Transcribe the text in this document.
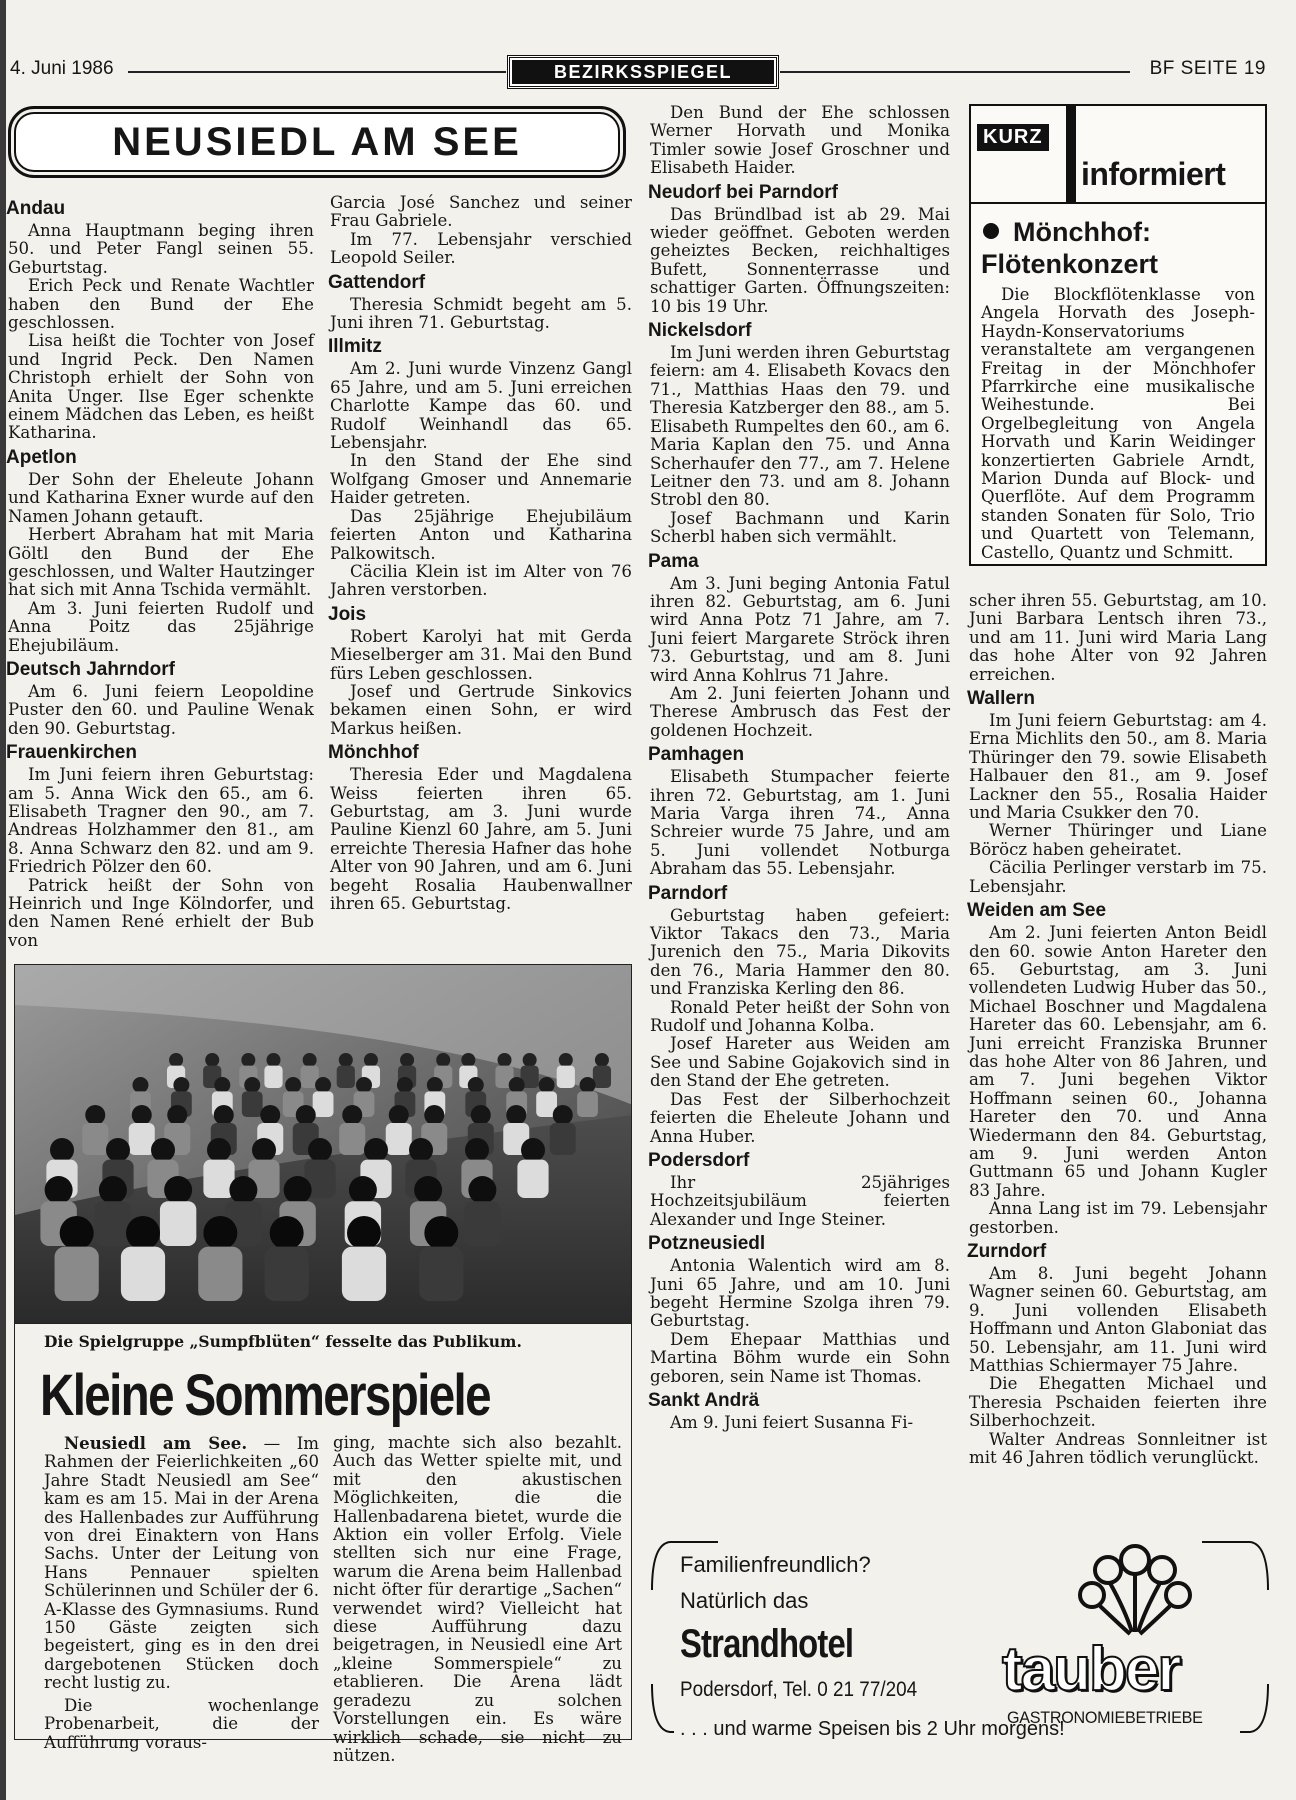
4. Juni 1986	BEZIRKSSPIEGEL	BF SEITE 19
NEUSIEDL AM SEE
Andau

Anna Hauptmann beging ihren 50. und Peter Fangl seinen 55. Geburtstag.

Erich Peck und Renate Wachtler haben den Bund der Ehe geschlossen.

Lisa heißt die Tochter von Josef und Ingrid Peck. Den Namen Christoph erhielt der Sohn von Anita Unger. Ilse Eger schenkte einem Mädchen das Leben, es heißt Katharina.

Apetlon

Der Sohn der Eheleute Johann und Katharina Exner wurde auf den Namen Johann getauft.

Herbert Abraham hat mit Maria Göltl den Bund der Ehe geschlossen, und Walter Hautzinger hat sich mit Anna Tschida vermählt.

Am 3. Juni feierten Rudolf und Anna Poitz das 25jährige Ehejubiläum.

Deutsch Jahrndorf

Am 6. Juni feiern Leopoldine Puster den 60. und Pauline Wenak den 90. Geburtstag.

Frauenkirchen

Im Juni feiern ihren Geburtstag: am 5. Anna Wick den 65., am 6. Elisabeth Tragner den 90., am 7. Andreas Holzhammer den 81., am 8. Anna Schwarz den 82. und am 9. Friedrich Pölzer den 60.

Patrick heißt der Sohn von Heinrich und Inge Kölndorfer, und den Namen René erhielt der Bub von

Garcia José Sanchez und seiner Frau Gabriele.

Im 77. Lebensjahr verschied Leopold Seiler.

Gattendorf

Theresia Schmidt begeht am 5. Juni ihren 71. Geburtstag.

Illmitz

Am 2. Juni wurde Vinzenz Gangl 65 Jahre, und am 5. Juni erreichen Charlotte Kampe das 60. und Rudolf Weinhandl das 65. Lebensjahr.

In den Stand der Ehe sind Wolfgang Gmoser und Annemarie Haider getreten.

Das 25jährige Ehejubiläum feierten Anton und Katharina Palkowitsch.

Cäcilia Klein ist im Alter von 76 Jahren verstorben.

Jois

Robert Karolyi hat mit Gerda Mieselberger am 31. Mai den Bund fürs Leben geschlossen.

Josef und Gertrude Sinkovics bekamen einen Sohn, er wird Markus heißen.

Mönchhof

Theresia Eder und Magdalena Weiss feierten ihren 65. Geburtstag, am 3. Juni wurde Pauline Kienzl 60 Jahre, am 5. Juni erreichte Theresia Hafner das hohe Alter von 90 Jahren, und am 6. Juni begeht Rosalia Haubenwallner ihren 65. Geburtstag.

Den Bund der Ehe schlossen Werner Horvath und Monika Timler sowie Josef Groschner und Elisabeth Haider.

Neudorf bei Parndorf

Das Bründlbad ist ab 29. Mai wieder geöffnet. Geboten werden geheiztes Becken, reichhaltiges Bufett, Sonnenterrasse und schattiger Garten. Öffnungszeiten: 10 bis 19 Uhr.

Nickelsdorf

Im Juni werden ihren Geburtstag feiern: am 4. Elisabeth Kovacs den 71., Matthias Haas den 79. und Theresia Katzberger den 88., am 5. Elisabeth Rumpeltes den 60., am 6. Maria Kaplan den 75. und Anna Scherhaufer den 77., am 7. Helene Leitner den 73. und am 8. Johann Strobl den 80.

Josef Bachmann und Karin Scherbl haben sich vermählt.

Pama

Am 3. Juni beging Antonia Fatul ihren 82. Geburtstag, am 6. Juni wird Anna Potz 71 Jahre, am 7. Juni feiert Margarete Ströck ihren 73. Geburtstag, und am 8. Juni wird Anna Kohlrus 71 Jahre.

Am 2. Juni feierten Johann und Therese Ambrusch das Fest der goldenen Hochzeit.

Pamhagen

Elisabeth Stumpacher feierte ihren 72. Geburtstag, am 1. Juni Maria Varga ihren 74., Anna Schreier wurde 75 Jahre, und am 5. Juni vollendet Notburga Abraham das 55. Lebensjahr.

Parndorf

Geburtstag haben gefeiert: Viktor Takacs den 73., Maria Jurenich den 75., Maria Dikovits den 76., Maria Hammer den 80. und Franziska Kerling den 86.

Ronald Peter heißt der Sohn von Rudolf und Johanna Kolba.

Josef Hareter aus Weiden am See und Sabine Gojakovich sind in den Stand der Ehe getreten.

Das Fest der Silberhochzeit feierten die Eheleute Johann und Anna Huber.

Podersdorf

Ihr 25jähriges Hochzeitsjubiläum feierten Alexander und Inge Steiner.

Potzneusiedl

Antonia Walentich wird am 8. Juni 65 Jahre, und am 10. Juni begeht Hermine Szolga ihren 79. Geburtstag.

Dem Ehepaar Matthias und Martina Böhm wurde ein Sohn geboren, sein Name ist Thomas.

Sankt Andrä

Am 9. Juni feiert Susanna Fi-

scher ihren 55. Geburtstag, am 10. Juni Barbara Lentsch ihren 73., und am 11. Juni wird Maria Lang das hohe Alter von 92 Jahren erreichen.

Wallern

Im Juni feiern Geburtstag: am 4. Erna Michlits den 50., am 8. Maria Thüringer den 79. sowie Elisabeth Halbauer den 81., am 9. Josef Lackner den 55., Rosalia Haider und Maria Csukker den 70.

Werner Thüringer und Liane Böröcz haben geheiratet.

Cäcilia Perlinger verstarb im 75. Lebensjahr.

Weiden am See

Am 2. Juni feierten Anton Beidl den 60. sowie Anton Hareter den 65. Geburtstag, am 3. Juni vollendeten Ludwig Huber das 50., Michael Boschner und Magdalena Hareter das 60. Lebensjahr, am 6. Juni erreicht Franziska Brunner das hohe Alter von 86 Jahren, und am 7. Juni begehen Viktor Hoffmann seinen 60., Johanna Hareter den 70. und Anna Wiedermann den 84. Geburtstag, am 9. Juni werden Anton Guttmann 65 und Johann Kugler 83 Jahre.

Anna Lang ist im 79. Lebensjahr gestorben.

Zurndorf

Am 8. Juni begeht Johann Wagner seinen 60. Geburtstag, am 9. Juni vollenden Elisabeth Hoffmann und Anton Glaboniat das 50. Lebensjahr, am 11. Juni wird Matthias Schiermayer 75 Jahre.

Die Ehegatten Michael und Theresia Pschaiden feierten ihre Silberhochzeit.

Walter Andreas Sonnleitner ist mit 46 Jahren tödlich verunglückt.

KURZ
informiert
Mönchhof: Flötenkonzert

Die Blockflötenklasse von Angela Horvath des Joseph-Haydn-Konservatoriums veranstaltete am vergangenen Freitag in der Mönchhofer Pfarrkirche eine musikalische Weihestunde. Bei Orgelbegleitung von Angela Horvath und Karin Weidinger konzertierten Gabriele Arndt, Marion Dunda auf Block- und Querflöte. Auf dem Programm standen Sonaten für Solo, Trio und Quartett von Telemann, Castello, Quantz und Schmitt.

Die Spielgruppe „Sumpfblüten“ fesselte das Publikum.
Kleine Sommerspiele

Neusiedl am See. — Im Rahmen der Feierlichkeiten „60 Jahre Stadt Neusiedl am See“ kam es am 15. Mai in der Arena des Hallenbades zur Aufführung von drei Einaktern von Hans Sachs. Unter der Leitung von Hans Pennauer spielten Schülerinnen und Schüler der 6. A-Klasse des Gymnasiums. Rund 150 Gäste zeigten sich begeistert, ging es in den drei dargebotenen Stücken doch recht lustig zu.

Die wochenlange Probenarbeit, die der Aufführung voraus-

ging, machte sich also bezahlt. Auch das Wetter spielte mit, und mit den akustischen Möglichkeiten, die die Hallenbadarena bietet, wurde die Aktion ein voller Erfolg. Viele stellten sich nur eine Frage, warum die Arena beim Hallenbad nicht öfter für derartige „Sachen“ verwendet wird? Vielleicht hat diese Aufführung dazu beigetragen, in Neusiedl eine Art „kleine Sommerspiele“ zu etablieren. Die Arena lädt geradezu zu solchen Vorstellungen ein. Es wäre wirklich schade, sie nicht zu nützen.

Familienfreundlich?
Natürlich das
Strandhotel
Podersdorf, Tel. 0 21 77/204 tauber
GASTRONOMIEBETRIEBE
. . . und warme Speisen bis 2 Uhr morgens!
